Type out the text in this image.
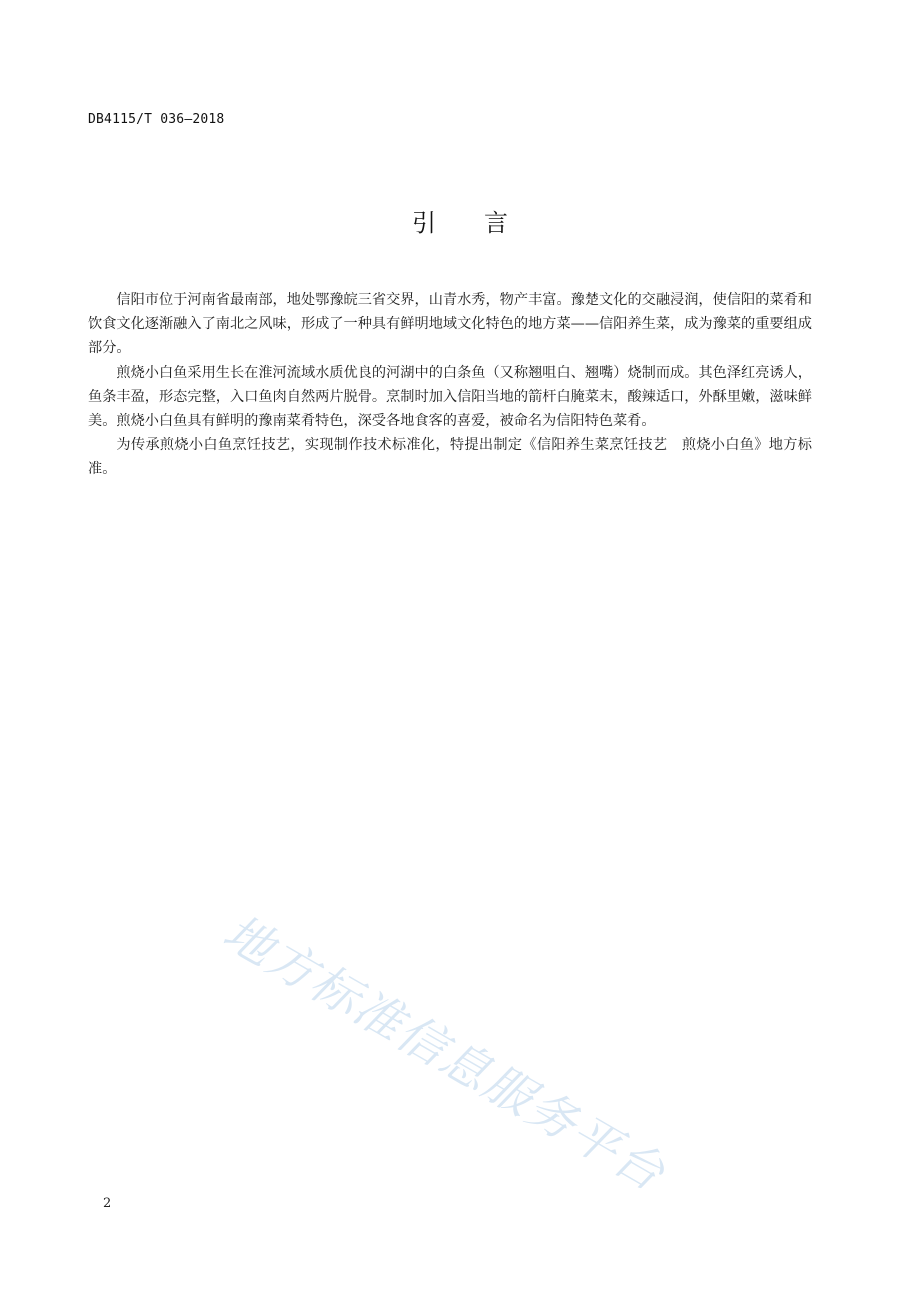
DB4115/T 036—2018
引言

信阳市位于河南省最南部，地处鄂豫皖三省交界，山青水秀，物产丰富。豫楚文化的交融浸润，使信阳的菜肴和饮食文化逐渐融入了南北之风味，形成了一种具有鲜明地域文化特色的地方菜——信阳养生菜，成为豫菜的重要组成部分。

煎烧小白鱼采用生长在淮河流域水质优良的河湖中的白条鱼（又称翘咀白、翘嘴）烧制而成。其色泽红亮诱人，鱼条丰盈，形态完整，入口鱼肉自然两片脱骨。烹制时加入信阳当地的箭杆白腌菜末，酸辣适口，外酥里嫩，滋味鲜美。煎烧小白鱼具有鲜明的豫南菜肴特色，深受各地食客的喜爱，被命名为信阳特色菜肴。

为传承煎烧小白鱼烹饪技艺，实现制作技术标准化，特提出制定《信阳养生菜烹饪技艺　煎烧小白鱼》地方标准。

地方标准信息服务平台
2
